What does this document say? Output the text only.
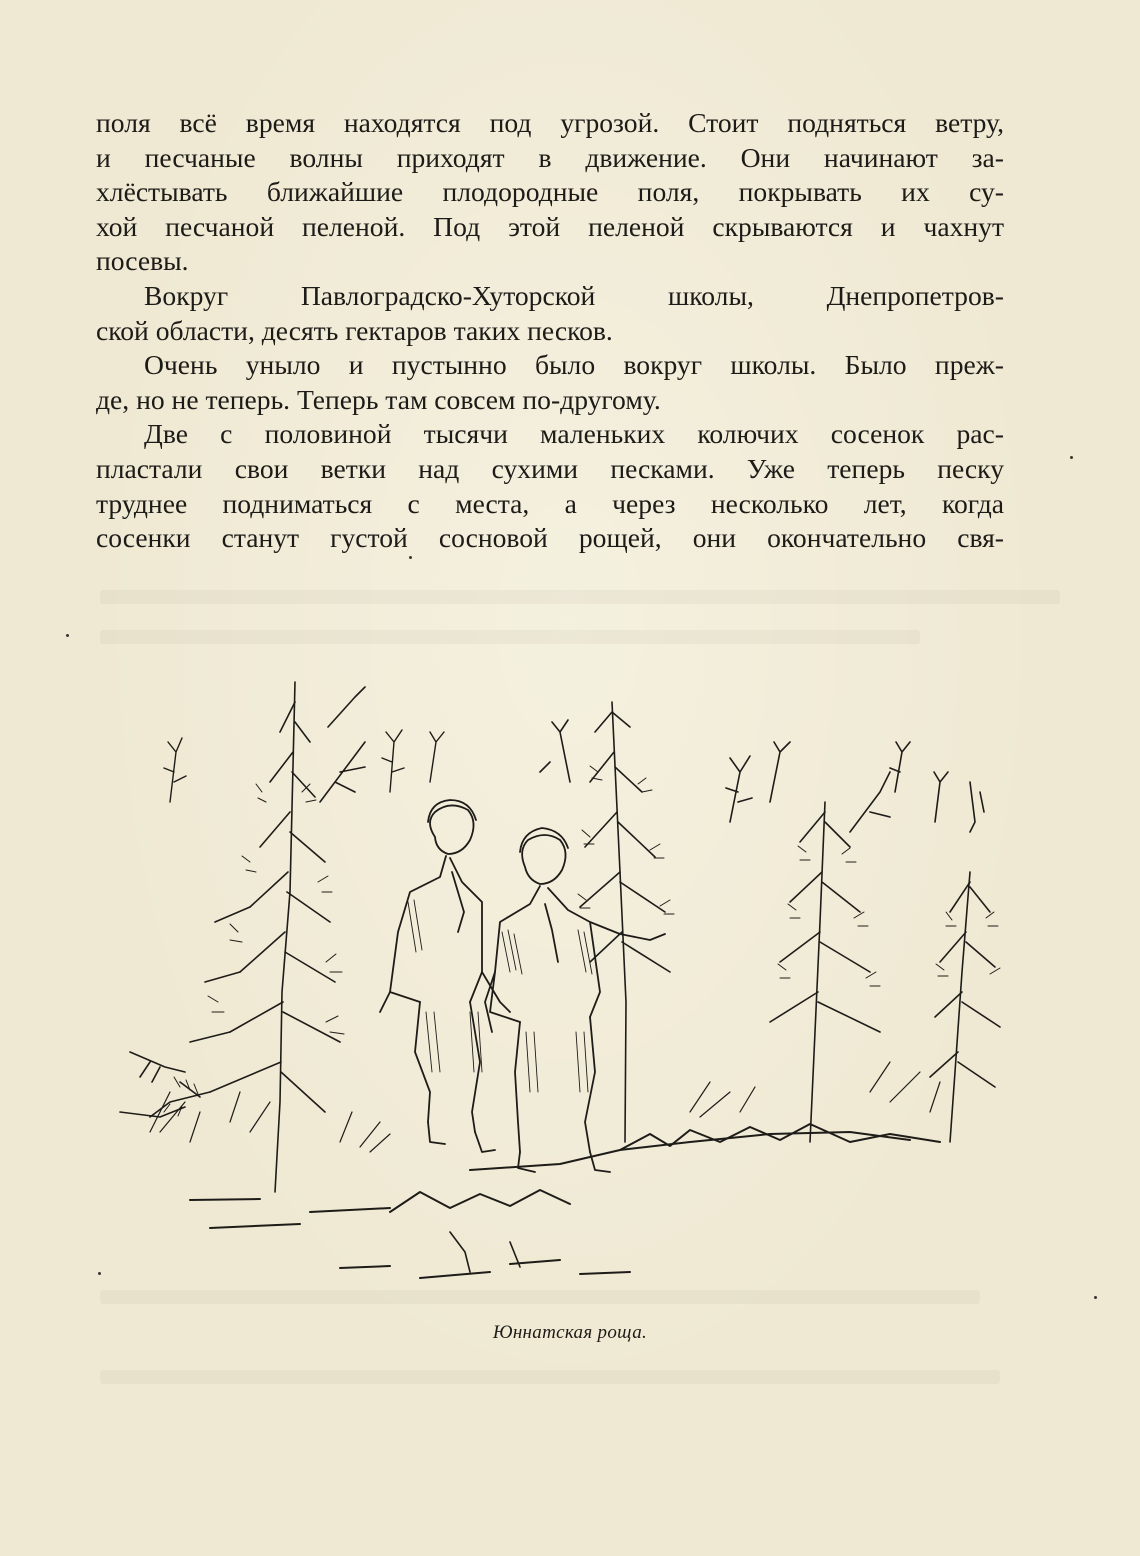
поля всё время находятся под угрозой. Стоит подняться ветру,
и песчаные волны приходят в движение. Они начинают за-
хлёстывать ближайшие плодородные поля, покрывать их су-
хой песчаной пеленой. Под этой пеленой скрываются и чахнут
посевы.
Вокруг Павлоградско-Хуторской школы, Днепропетров-
ской области, десять гектаров таких песков.
Очень уныло и пустынно было вокруг школы. Было преж-
де, но не теперь. Теперь там совсем по-другому.
Две с половиной тысячи маленьких колючих сосенок рас-
пластали свои ветки над сухими песками. Уже теперь песку
труднее подниматься с места, а через несколько лет, когда
сосенки станут густой сосновой рощей, они окончательно свя-
Юннатская роща.
